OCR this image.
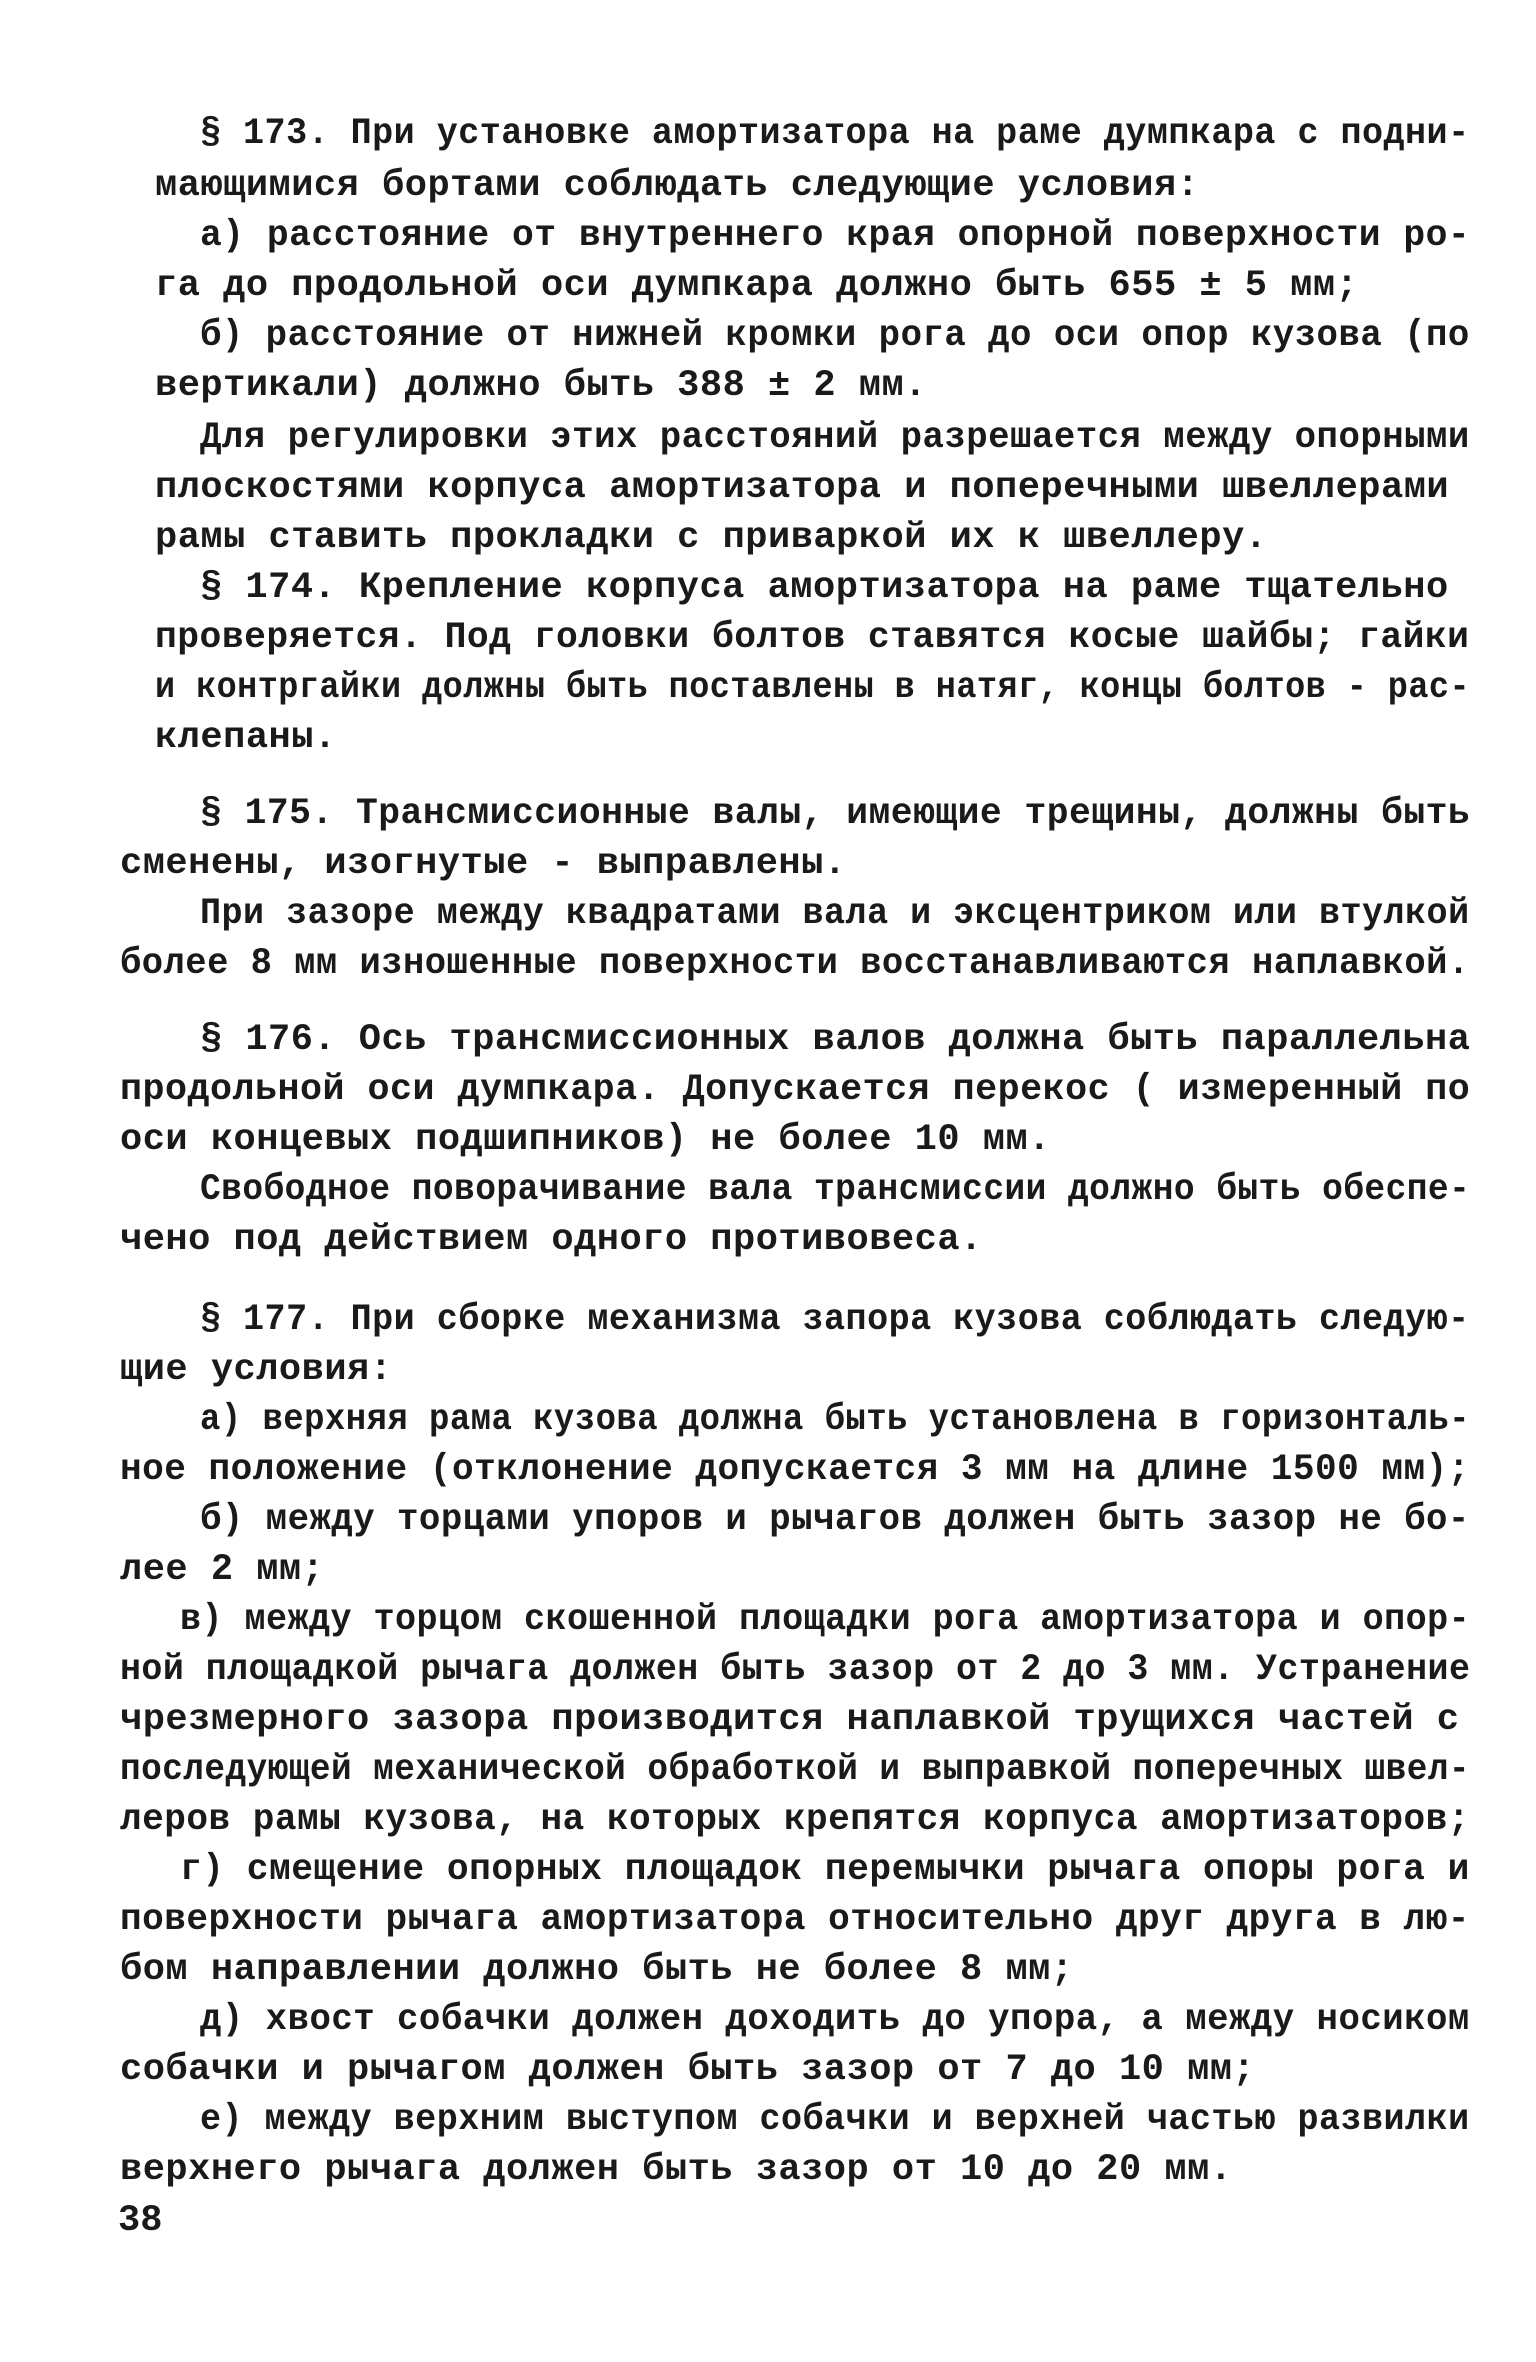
§ 173. При установке амортизатора на раме думпкара с подни-
мающимися бортами соблюдать следующие условия:
а) расстояние от внутреннего края опорной поверхности ро-
га до продольной оси думпкара должно быть 655 ± 5 мм;
б) расстояние от нижней кромки рога до оси опор кузова (по
вертикали) должно быть 388 ± 2 мм.
Для регулировки этих расстояний разрешается между опорными
плоскостями корпуса амортизатора и поперечными швеллерами
рамы ставить прокладки с приваркой их к швеллеру.
§ 174. Крепление корпуса амортизатора на раме тщательно
проверяется. Под головки болтов ставятся косые шайбы; гайки
и контргайки должны быть поставлены в натяг, концы болтов - рас-
клепаны.
§ 175. Трансмиссионные валы, имеющие трещины, должны быть
сменены, изогнутые - выправлены.
При зазоре между квадратами вала и эксцентриком или втулкой
более 8 мм изношенные поверхности восстанавливаются наплавкой.
§ 176. Ось трансмиссионных валов должна быть параллельна
продольной оси думпкара. Допускается перекос ( измеренный по
оси концевых подшипников) не более 10 мм.
Свободное поворачивание вала трансмиссии должно быть обеспе-
чено под действием одного противовеса.
§ 177. При сборке механизма запора кузова соблюдать следую-
щие условия:
а) верхняя рама кузова должна быть установлена в горизонталь-
ное положение (отклонение допускается 3 мм на длине 1500 мм);
б) между торцами упоров и рычагов должен быть зазор не бо-
лее 2 мм;
в) между торцом скошенной площадки рога амортизатора и опор-
ной площадкой рычага должен быть зазор от 2 до 3 мм. Устранение
чрезмерного зазора производится наплавкой трущихся частей с
последующей механической обработкой и выправкой поперечных швел-
леров рамы кузова, на которых крепятся корпуса амортизаторов;
г) смещение опорных площадок перемычки рычага опоры рога и
поверхности рычага амортизатора относительно друг друга в лю-
бом направлении должно быть не более 8 мм;
д) хвост собачки должен доходить до упора, а между носиком
собачки и рычагом должен быть зазор от 7 до 10 мм;
е) между верхним выступом собачки и верхней частью развилки
верхнего рычага должен быть зазор от 10 до 20 мм.
38
